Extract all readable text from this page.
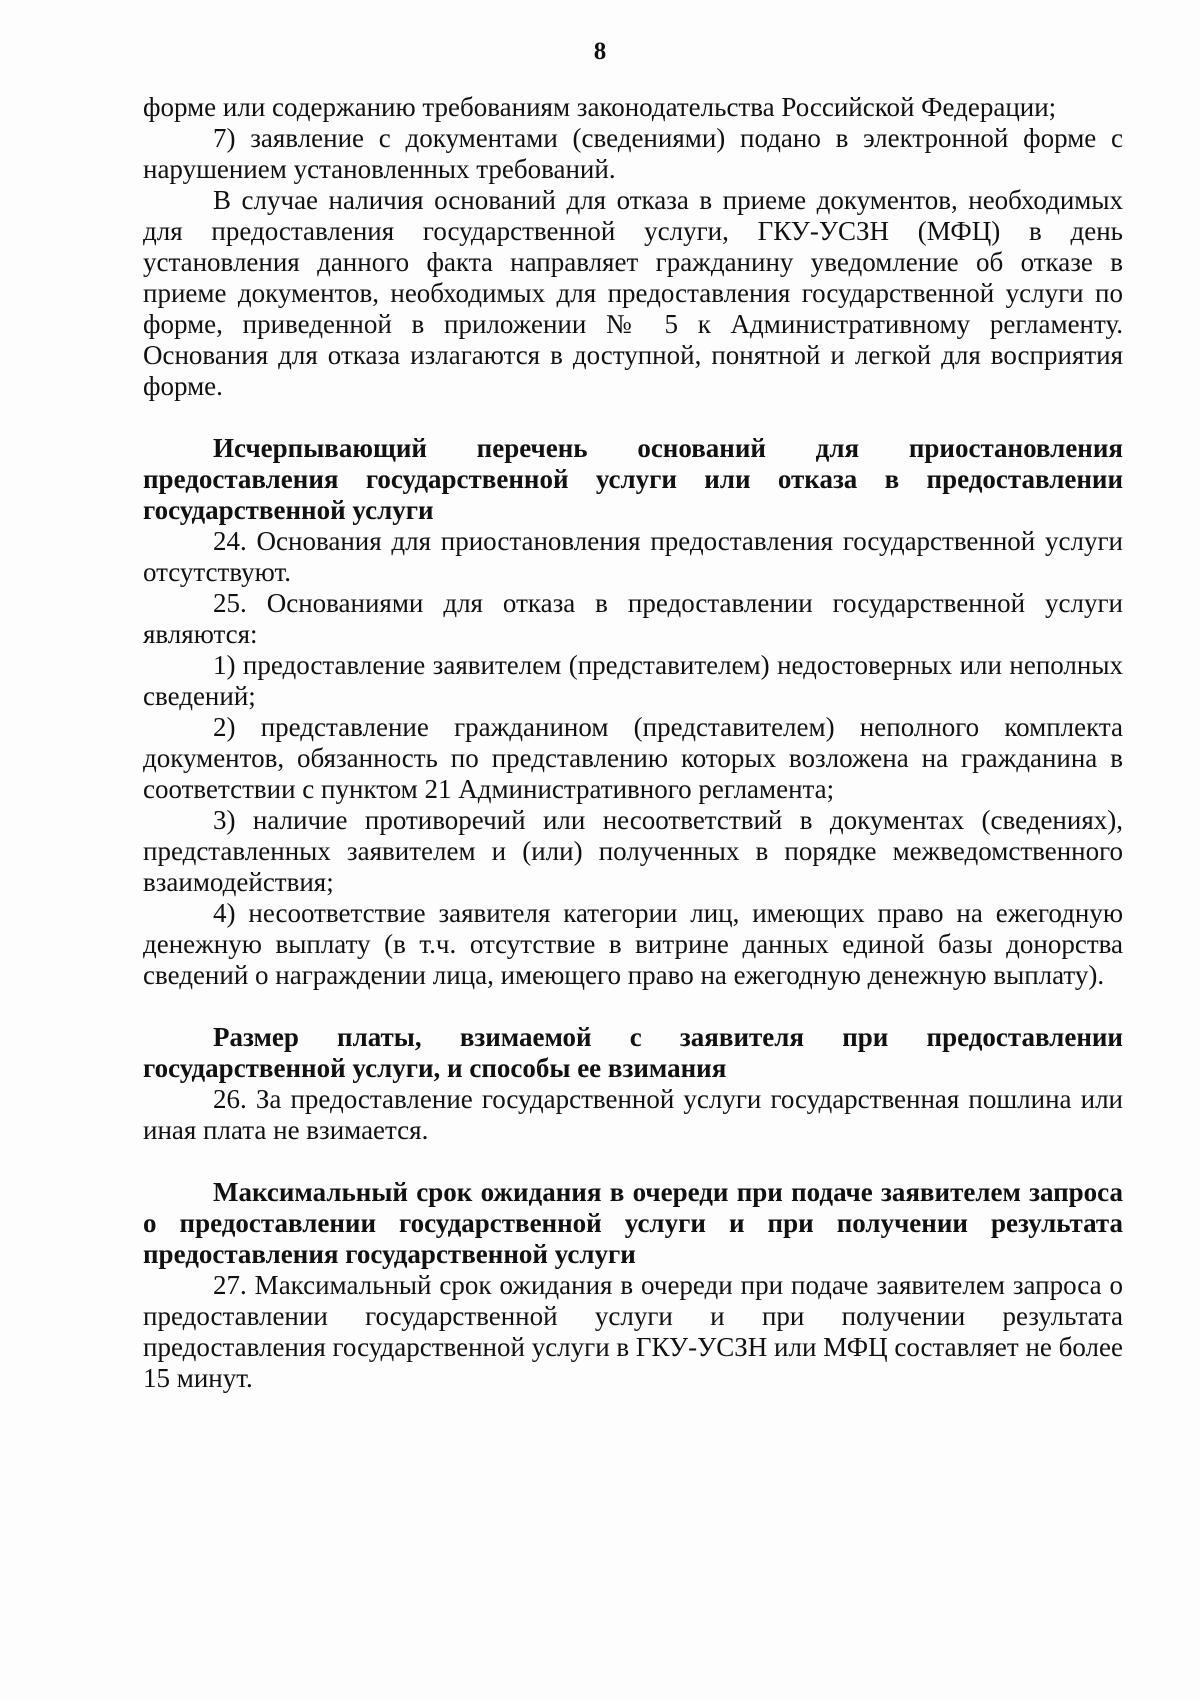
8

форме или содержанию требованиям законодательства Российской Федерации;

7) заявление с документами (сведениями) подано в электронной форме с нарушением установленных требований.

В случае наличия оснований для отказа в приеме документов, необходимых для предоставления государственной услуги, ГКУ-УСЗН (МФЦ) в день установления данного факта направляет гражданину уведомление об отказе в приеме документов, необходимых для предоставления государственной услуги по форме, приведенной в приложении № 5 к Административному регламенту. Основания для отказа излагаются в доступной, понятной и легкой для восприятия форме.

Исчерпывающий перечень оснований для приостановления предоставления государственной услуги или отказа в предоставлении государственной услуги

24. Основания для приостановления предоставления государственной услуги отсутствуют.

25. Основаниями для отказа в предоставлении государственной услуги являются:

1) предоставление заявителем (представителем) недостоверных или неполных сведений;

2) представление гражданином (представителем) неполного комплекта документов, обязанность по представлению которых возложена на гражданина в соответствии с пунктом 21 Административного регламента;

3) наличие противоречий или несоответствий в документах (сведениях), представленных заявителем и (или) полученных в порядке межведомственного взаимодействия;

4) несоответствие заявителя категории лиц, имеющих право на ежегодную денежную выплату (в т.ч. отсутствие в витрине данных единой базы донорства сведений о награждении лица, имеющего право на ежегодную денежную выплату).

Размер платы, взимаемой с заявителя при предоставлении государственной услуги, и способы ее взимания

26. За предоставление государственной услуги государственная пошлина или иная плата не взимается.

Максимальный срок ожидания в очереди при подаче заявителем запроса о предоставлении государственной услуги и при получении результата предоставления государственной услуги

27. Максимальный срок ожидания в очереди при подаче заявителем запроса о предоставлении государственной услуги и при получении результата предоставления государственной услуги в ГКУ-УСЗН или МФЦ составляет не более 15 минут.
